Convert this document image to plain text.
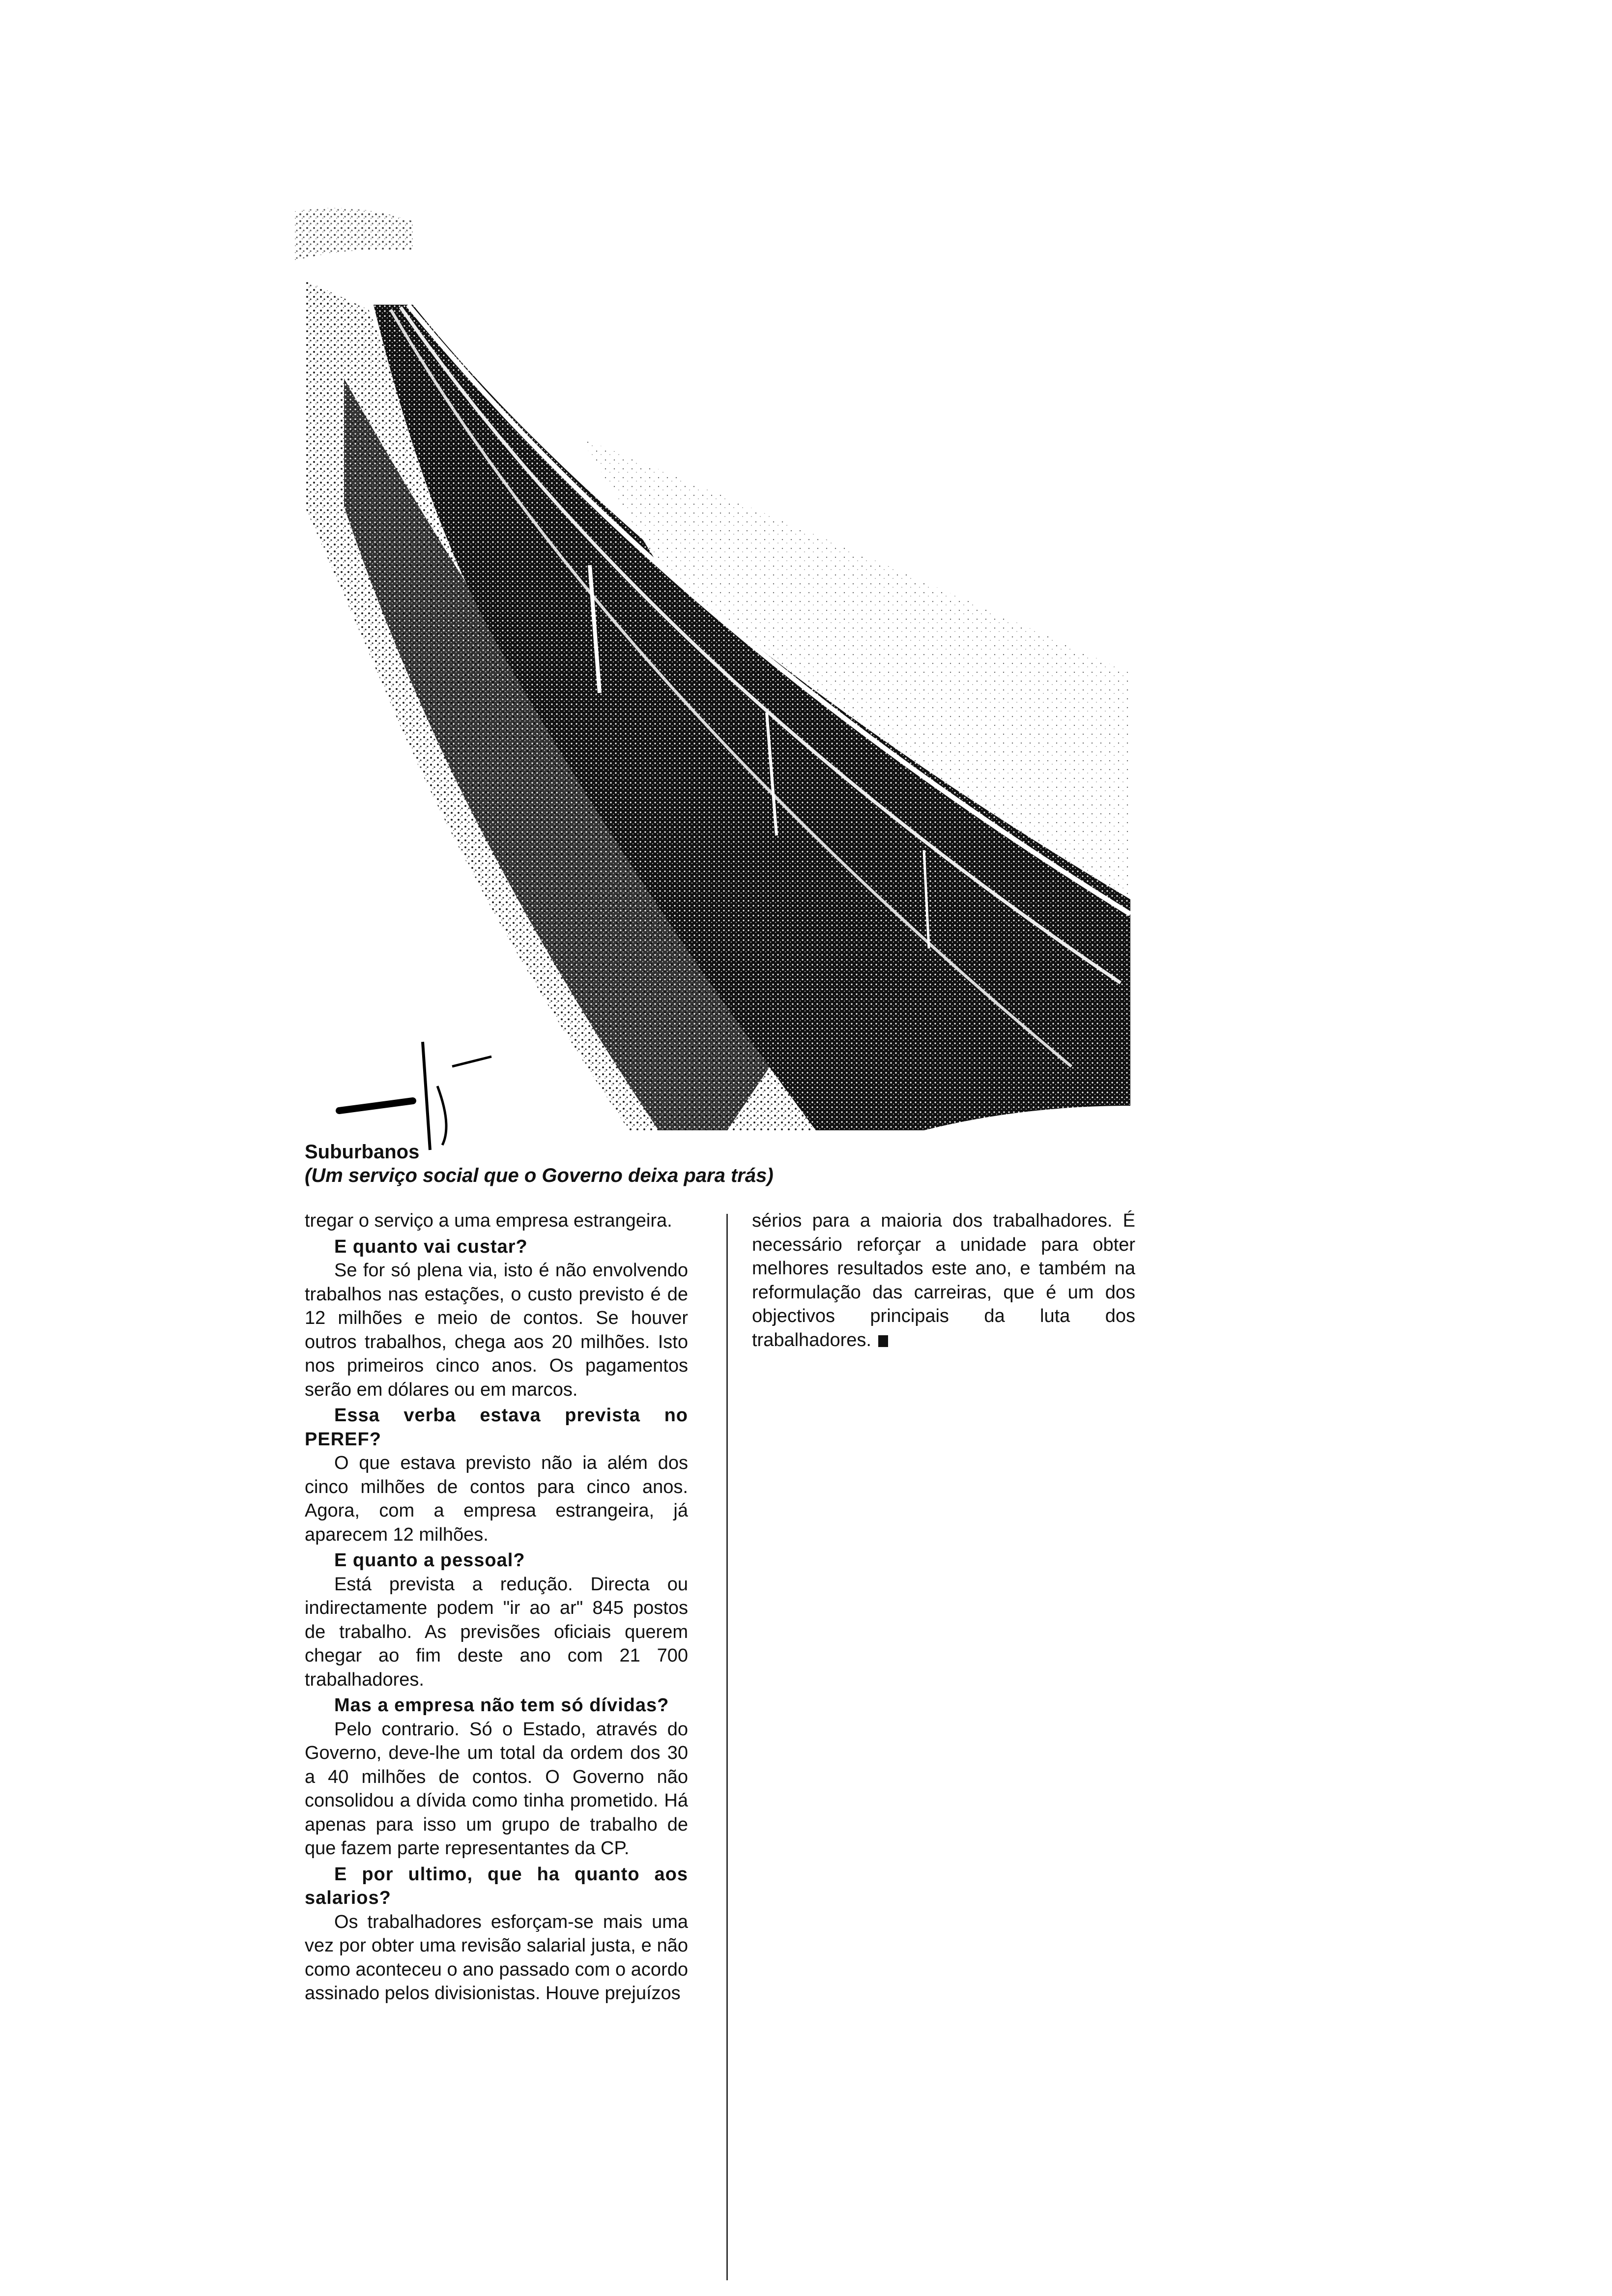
Suburbanos
(Um serviço social que o Governo deixa para trás)

tregar o serviço a uma empresa estrangeira.

E quanto vai custar?

Se for só plena via, isto é não envolvendo trabalhos nas estações, o custo previsto é de 12 milhões e meio de contos. Se houver outros trabalhos, chega aos 20 milhões. Isto nos primeiros cinco anos. Os pagamentos serão em dólares ou em marcos.

Essa verba estava prevista no PEREF?

O que estava previsto não ia além dos cinco milhões de contos para cinco anos. Agora, com a empresa estrangeira, já aparecem 12 milhões.

E quanto a pessoal?

Está prevista a redução. Directa ou indirectamente podem "ir ao ar" 845 postos de trabalho. As previsões oficiais querem chegar ao fim deste ano com 21 700 trabalhadores.

Mas a empresa não tem só dívidas?

Pelo contrario. Só o Estado, através do Governo, deve-lhe um total da ordem dos 30 a 40 milhões de contos. O Governo não consolidou a dívida como tinha prometido. Há apenas para isso um grupo de trabalho de que fazem parte representantes da CP.

E por ultimo, que ha quanto aos salarios?

Os trabalhadores esforçam-se mais uma vez por obter uma revisão salarial justa, e não como aconteceu o ano passado com o acordo assinado pelos divisionistas. Houve prejuízos

sérios para a maioria dos trabalhadores. É necessário reforçar a unidade para obter melhores resultados este ano, e também na reformulação das carreiras, que é um dos objectivos principais da luta dos trabalhadores.
